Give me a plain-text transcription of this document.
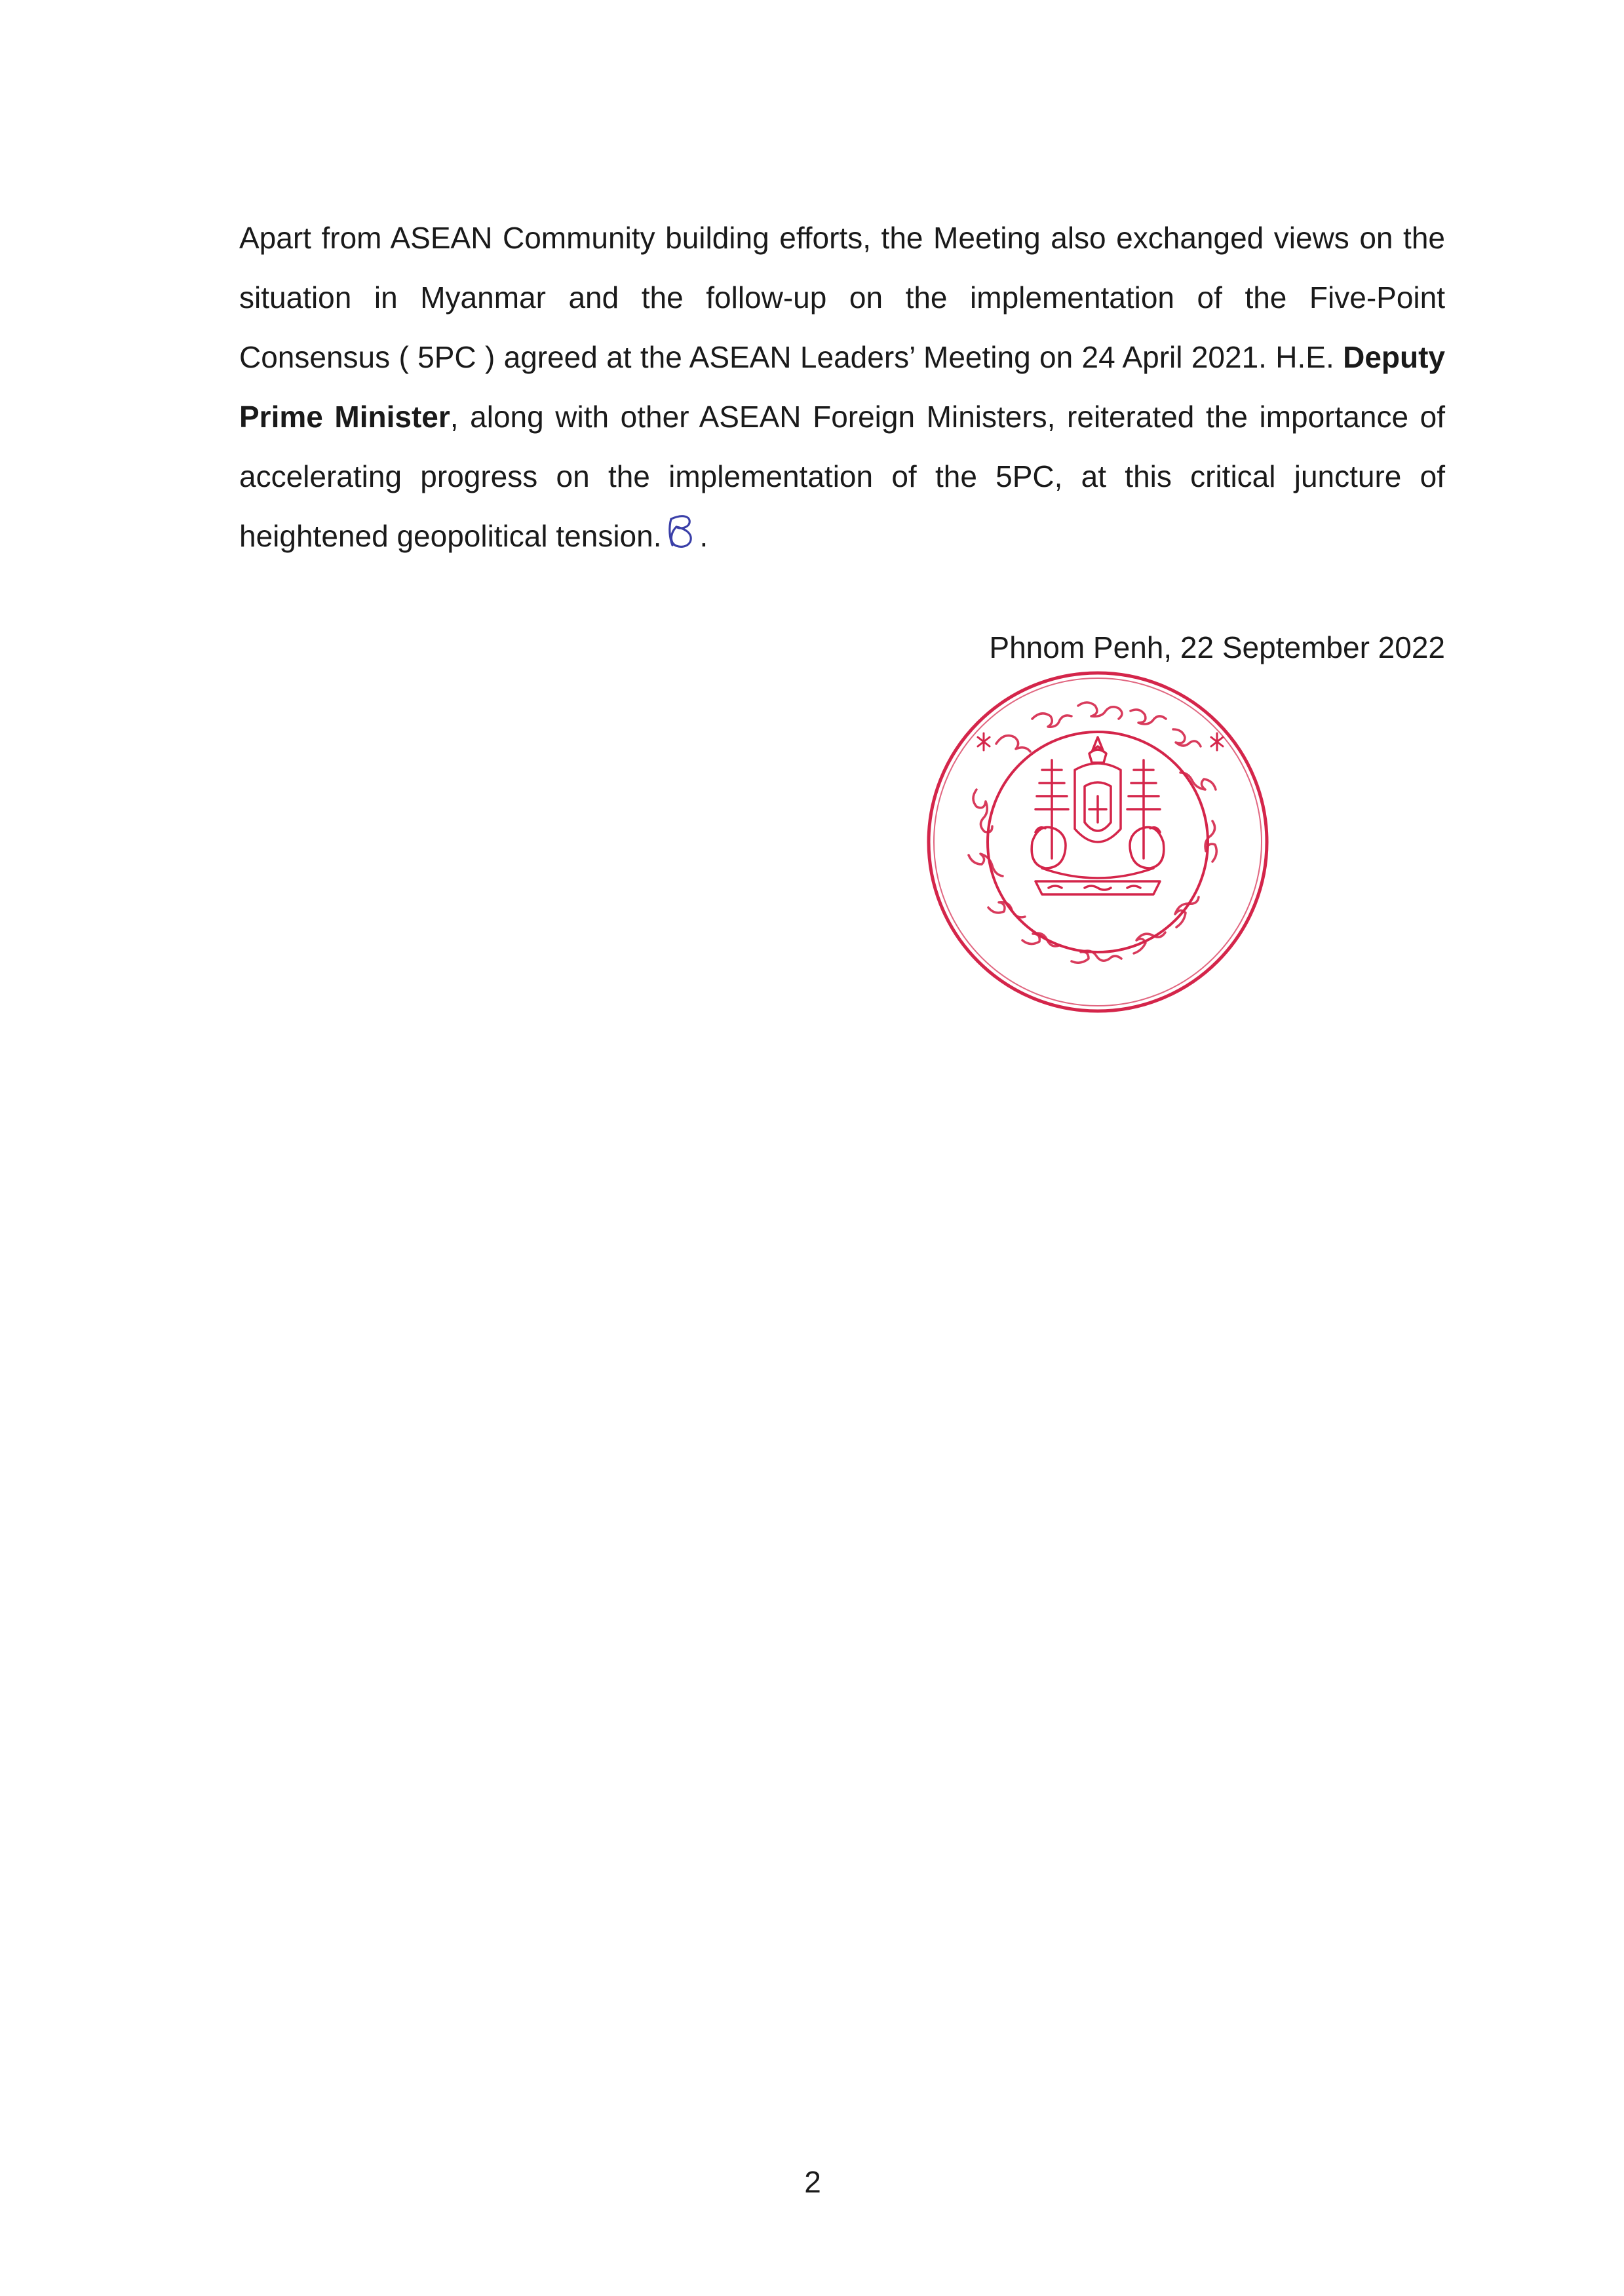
Apart from ASEAN Community building efforts, the Meeting also exchanged views on the situation in Myanmar and the follow-up on the implementation of the Five-Point Consensus ( 5PC ) agreed at the ASEAN Leaders’ Meeting on 24 April 2021. H.E. Deputy Prime Minister, along with other ASEAN Foreign Ministers, reiterated the importance of accelerating progress on the implementation of the 5PC, at this critical juncture of heightened geopolitical tension. .

Phnom Penh, 22 September 2022

2
